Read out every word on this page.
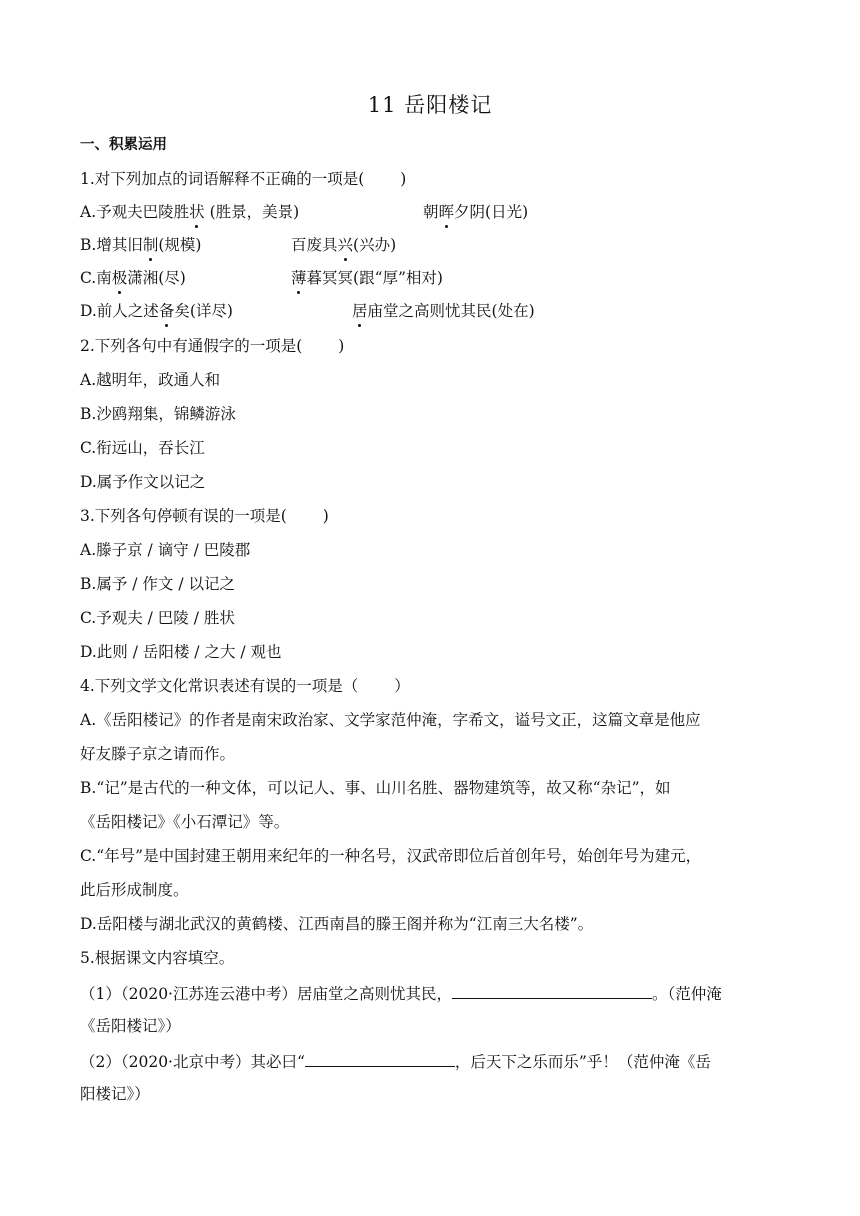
11 岳阳楼记
一、积累运用
1.对下列加点的词语解释不正确的一项是(　　 )
A.予观夫巴陵胜状 (胜景，美景)	朝晖夕阴(日光)
B.增其旧制(规模)	百废具兴(兴办)
C.南极潇湘(尽)	薄暮冥冥(跟“厚”相对)
D.前人之述备矣(详尽)	居庙堂之高则忧其民(处在)
2.下列各句中有通假字的一项是(　　 )
A.越明年，政通人和
B.沙鸥翔集，锦鳞游泳
C.衔远山，吞长江
D.属予作文以记之
3.下列各句停顿有误的一项是(　　 )
A.滕子京 / 谪守 / 巴陵郡
B.属予 / 作文 / 以记之
C.予观夫 / 巴陵 / 胜状
D.此则 / 岳阳楼 / 之大 / 观也
4.下列文学文化常识表述有误的一项是（　　 ）
A.《岳阳楼记》的作者是南宋政治家、文学家范仲淹，字希文，谥号文正，这篇文章是他应
好友滕子京之请而作。
B.“记”是古代的一种文体，可以记人、事、山川名胜、器物建筑等，故又称“杂记”，如
《岳阳楼记》《小石潭记》等。
C.“年号”是中国封建王朝用来纪年的一种名号，汉武帝即位后首创年号，始创年号为建元，
此后形成制度。
D.岳阳楼与湖北武汉的黄鹤楼、江西南昌的滕王阁并称为“江南三大名楼”。
5.根据课文内容填空。
（1）（2020·江苏连云港中考）居庙堂之高则忧其民，	。（范仲淹
《岳阳楼记》）
（2）（2020·北京中考）其必曰“	，后天下之乐而乐”乎！（范仲淹《岳
阳楼记》）
